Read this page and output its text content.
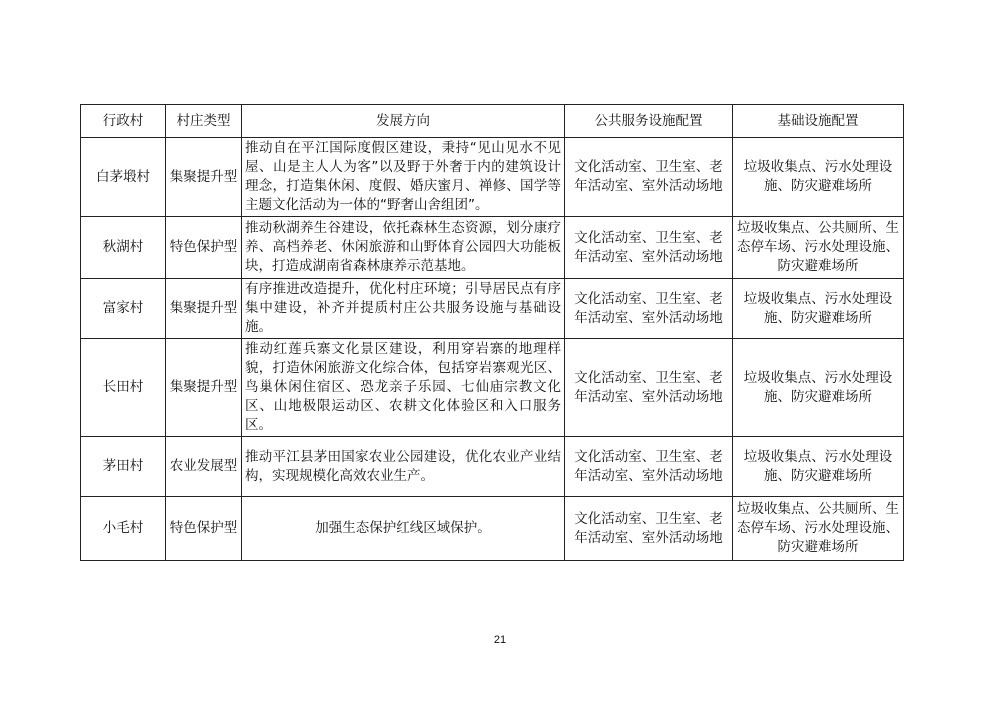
行政村	村庄类型	发展方向	公共服务设施配置	基础设施配置
白茅塅村	集聚提升型	推动自在平江国际度假区建设，秉持“见山见水不见屋、山是主人人为客”以及野于外奢于内的建筑设计理念，打造集休闲、度假、婚庆蜜月、禅修、国学等主题文化活动为一体的“野奢山舍组团”。	文化活动室、卫生室、老年活动室、室外活动场地	垃圾收集点、污水处理设施、防灾避难场所
秋湖村	特色保护型	推动秋湖养生谷建设，依托森林生态资源，划分康疗养、高档养老、休闲旅游和山野体育公园四大功能板块，打造成湖南省森林康养示范基地。	文化活动室、卫生室、老年活动室、室外活动场地	垃圾收集点、公共厕所、生态停车场、污水处理设施、防灾避难场所
富家村	集聚提升型	有序推进改造提升，优化村庄环境；引导居民点有序集中建设，补齐并提质村庄公共服务设施与基础设施。	文化活动室、卫生室、老年活动室、室外活动场地	垃圾收集点、污水处理设施、防灾避难场所
长田村	集聚提升型	推动红莲兵寨文化景区建设，利用穿岩寨的地理样貌，打造休闲旅游文化综合体，包括穿岩寨观光区、鸟巢休闲住宿区、恐龙亲子乐园、七仙庙宗教文化区、山地极限运动区、农耕文化体验区和入口服务区。	文化活动室、卫生室、老年活动室、室外活动场地	垃圾收集点、污水处理设施、防灾避难场所
茅田村	农业发展型	推动平江县茅田国家农业公园建设，优化农业产业结构，实现规模化高效农业生产。	文化活动室、卫生室、老年活动室、室外活动场地	垃圾收集点、污水处理设施、防灾避难场所
小毛村	特色保护型	加强生态保护红线区域保护。	文化活动室、卫生室、老年活动室、室外活动场地	垃圾收集点、公共厕所、生态停车场、污水处理设施、防灾避难场所
21
